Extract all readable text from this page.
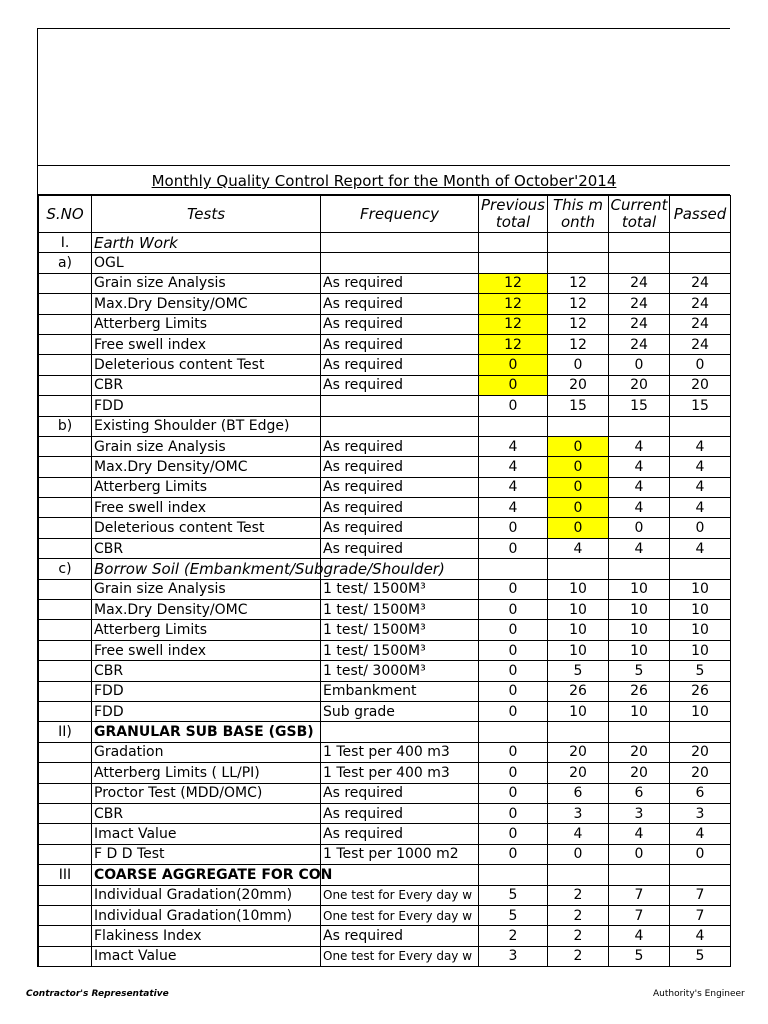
Monthly Quality Control Report for the Month of October'2014
S.NO	Tests	Frequency	Previous total	This month	Current total	Passed
I.	Earth Work					
a)	OGL					
	Grain size Analysis	As required	12	12	24	24
	Max.Dry Density/OMC	As required	12	12	24	24
	Atterberg Limits	As required	12	12	24	24
	Free swell index	As required	12	12	24	24
	Deleterious content Test	As required	0	0	0	0
	CBR	As required	0	20	20	20
	FDD		0	15	15	15
b)	Existing Shoulder (BT Edge)					
	Grain size Analysis	As required	4	0	4	4
	Max.Dry Density/OMC	As required	4	0	4	4
	Atterberg Limits	As required	4	0	4	4
	Free swell index	As required	4	0	4	4
	Deleterious content Test	As required	0	0	0	0
	CBR	As required	0	4	4	4
c)	Borrow Soil (Embankment/Subgrade/Shoulder)					
	Grain size Analysis	1 test/ 1500M³	0	10	10	10
	Max.Dry Density/OMC	1 test/ 1500M³	0	10	10	10
	Atterberg Limits	1 test/ 1500M³	0	10	10	10
	Free swell index	1 test/ 1500M³	0	10	10	10
	CBR	1 test/ 3000M³	0	5	5	5
	FDD	Embankment	0	26	26	26
	FDD	Sub grade	0	10	10	10
II)	GRANULAR SUB BASE (GSB)					
	Gradation	1 Test per 400 m3	0	20	20	20
	Atterberg Limits ( LL/PI)	1 Test per 400 m3	0	20	20	20
	Proctor Test (MDD/OMC)	As required	0	6	6	6
	CBR	As required	0	3	3	3
	Imact Value	As required	0	4	4	4
	F D D Test	1 Test per 1000 m2	0	0	0	0
III	COARSE AGGREGATE FOR CON					
	Individual Gradation(20mm)	One test for Every day w	5	2	7	7
	Individual Gradation(10mm)	One test for Every day w	5	2	7	7
	Flakiness Index	As required	2	2	4	4
	Imact Value	One test for Every day w	3	2	5	5
Contractor's Representative	Authority's Engineer
